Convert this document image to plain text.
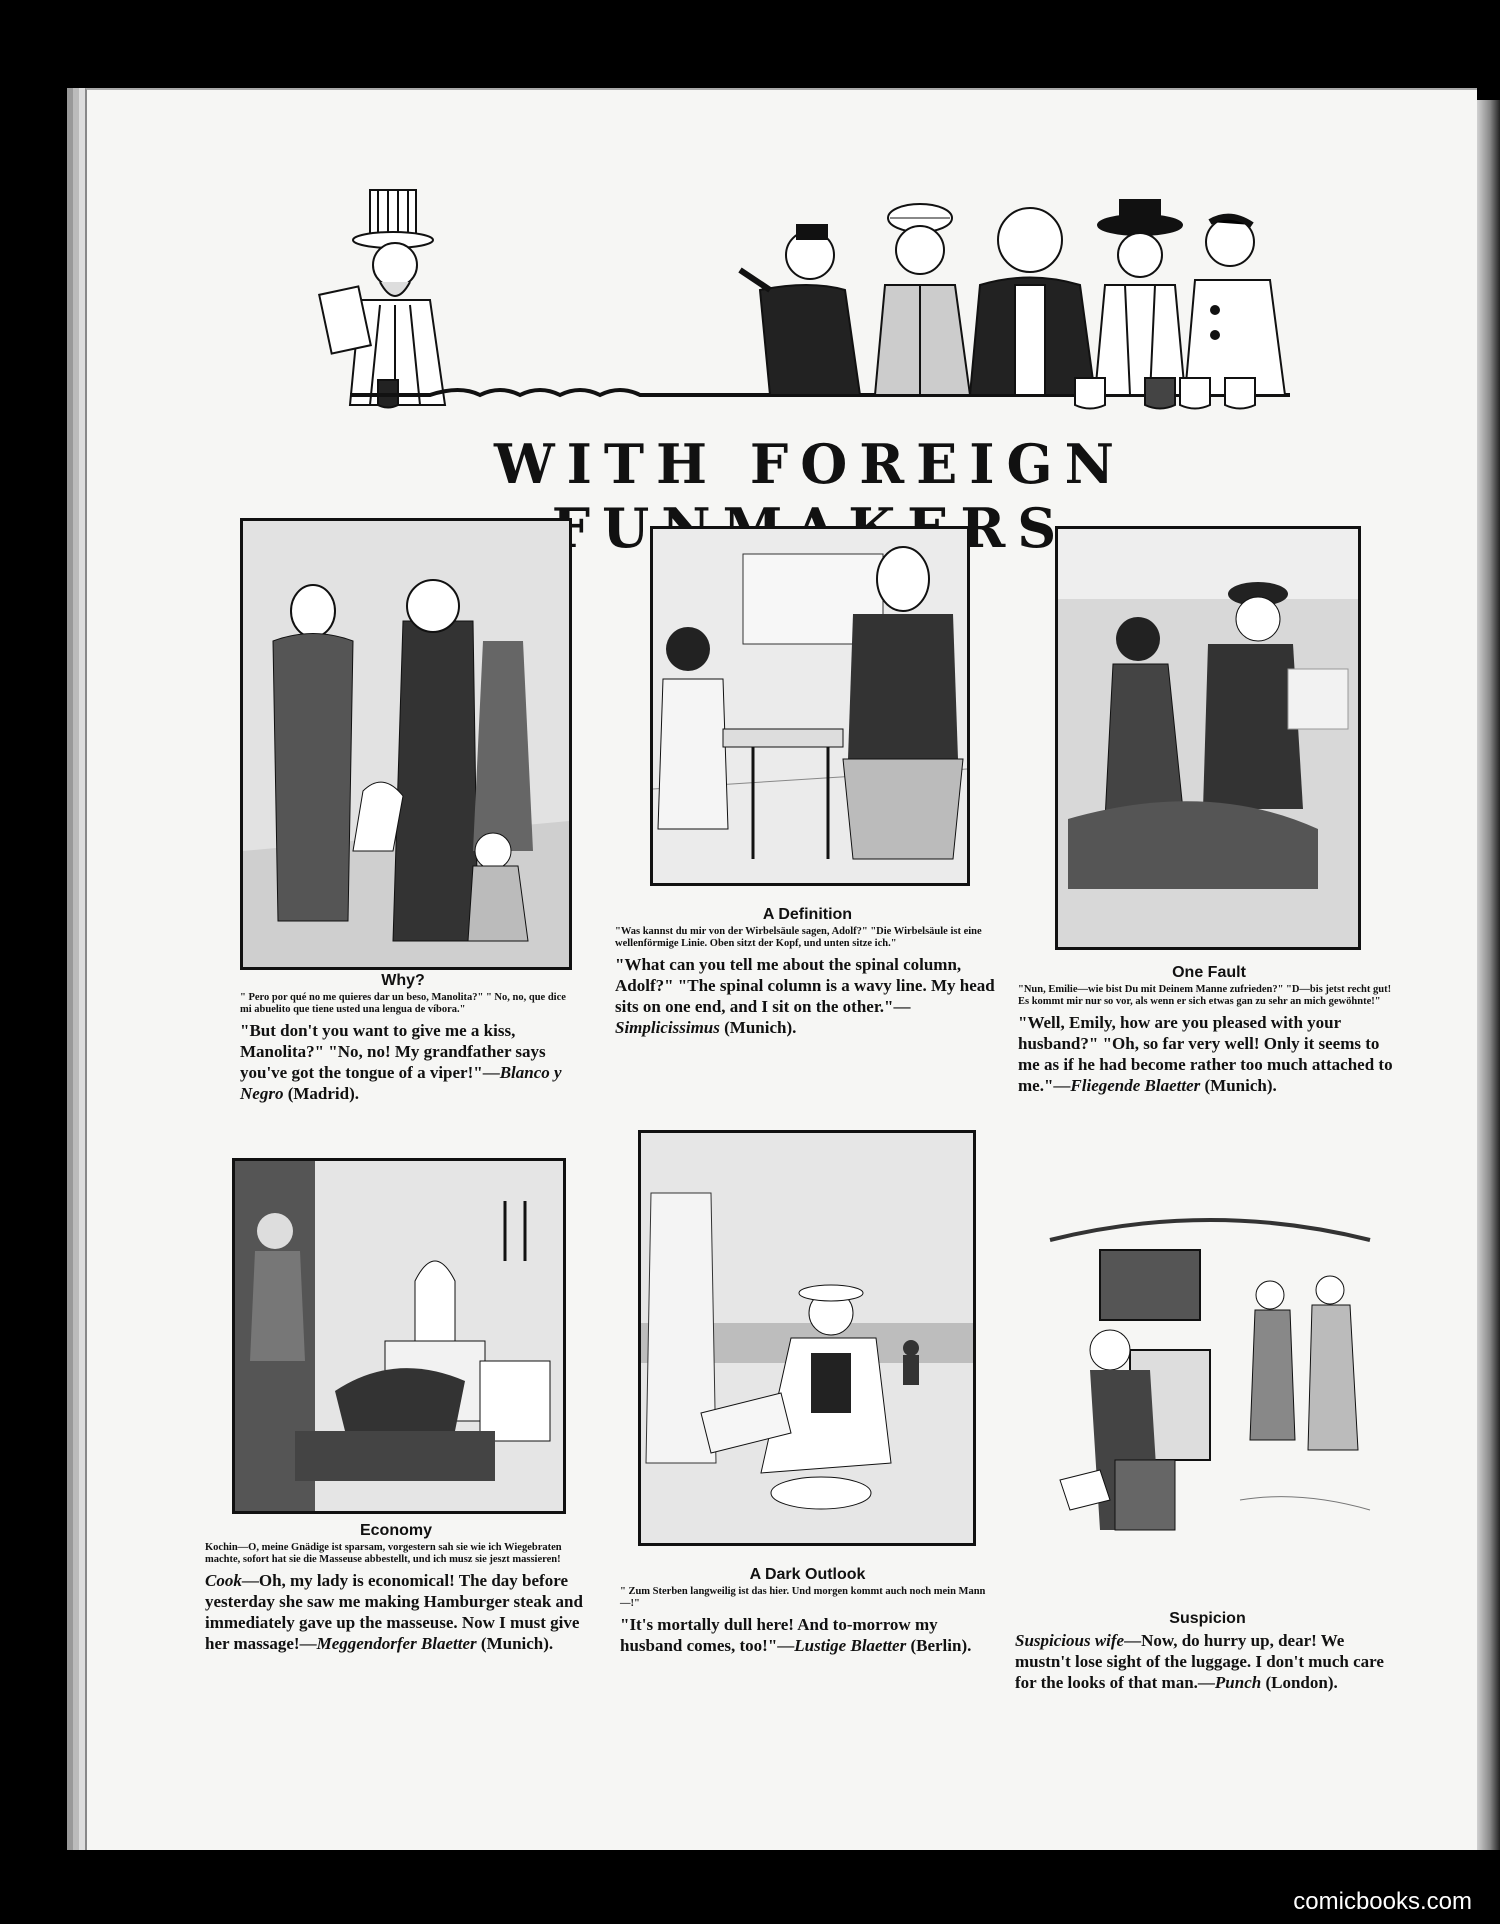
WITH FOREIGN
Why?
" Pero por qué no me quieres dar un beso, Manolita?" " No, no, que dice mi abuelito que tiene usted una lengua de víbora."
"But don't you want to give me a kiss, Manolita?" "No, no! My grandfather says you've got the tongue of a viper!"—Blanco y Negro (Madrid).
A Definition
"Was kannst du mir von der Wirbelsäule sagen, Adolf?" "Die Wirbelsäule ist eine wellenförmige Linie. Oben sitzt der Kopf, und unten sitze ich."
"What can you tell me about the spinal column, Adolf?" "The spinal column is a wavy line. My head sits on one end, and I sit on the other."—Simplicissimus (Munich).
One Fault
"Nun, Emilie—wie bist Du mit Deinem Manne zufrieden?" "D—bis jetst recht gut! Es kommt mir nur so vor, als wenn er sich etwas gan zu sehr an mich gewöhnte!"
"Well, Emily, how are you pleased with your husband?" "Oh, so far very well! Only it seems to me as if he had become rather too much attached to me."—Fliegende Blaetter (Munich).
Economy
Kochin—O, meine Gnädige ist sparsam, vorgestern sah sie wie ich Wiegebraten machte, sofort hat sie die Masseuse abbestellt, und ich musz sie jeszt massieren!
Cook—Oh, my lady is economical! The day before yesterday she saw me making Hamburger steak and immediately gave up the masseuse. Now I must give her massage!—Meggendorfer Blaetter (Munich).
A Dark Outlook
" Zum Sterben langweilig ist das hier. Und morgen kommt auch noch mein Mann—!"
"It's mortally dull here! And to-morrow my husband comes, too!"—Lustige Blaetter (Berlin).
Suspicion
Suspicious wife—Now, do hurry up, dear! We mustn't lose sight of the luggage. I don't much care for the looks of that man.—Punch (London).
comicbooks.com
